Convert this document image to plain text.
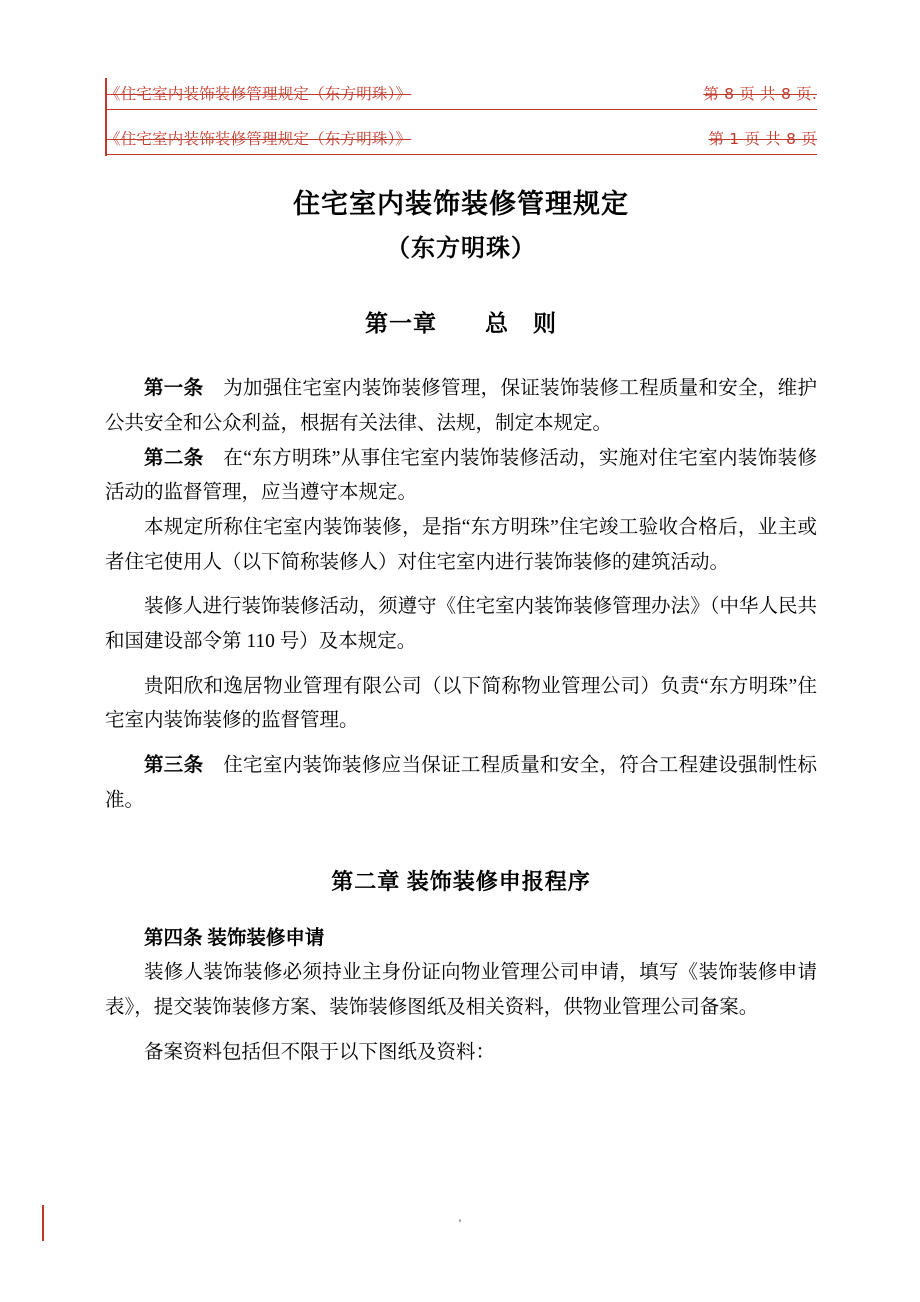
《住宅室内装饰装修管理规定（东方明珠）》	第 8 页 共 8 页.
《住宅室内装饰装修管理规定（东方明珠）》	第 1 页 共 8 页
住宅室内装饰装修管理规定
（东方明珠）
第一章　　总　则

第一条　为加强住宅室内装饰装修管理，保证装饰装修工程质量和安全，维护公共安全和公众利益，根据有关法律、法规，制定本规定。

第二条　在“东方明珠”从事住宅室内装饰装修活动，实施对住宅室内装饰装修活动的监督管理，应当遵守本规定。

本规定所称住宅室内装饰装修，是指“东方明珠”住宅竣工验收合格后，业主或者住宅使用人（以下简称装修人）对住宅室内进行装饰装修的建筑活动。

装修人进行装饰装修活动，须遵守《住宅室内装饰装修管理办法》（中华人民共和国建设部令第 110 号）及本规定。

贵阳欣和逸居物业管理有限公司（以下简称物业管理公司）负责“东方明珠”住宅室内装饰装修的监督管理。

第三条　住宅室内装饰装修应当保证工程质量和安全，符合工程建设强制性标准。

第二章 装饰装修申报程序
第四条 装饰装修申请

装修人装饰装修必须持业主身份证向物业管理公司申请，填写《装饰装修申请表》，提交装饰装修方案、装饰装修图纸及相关资料，供物业管理公司备案。

备案资料包括但不限于以下图纸及资料：

'
